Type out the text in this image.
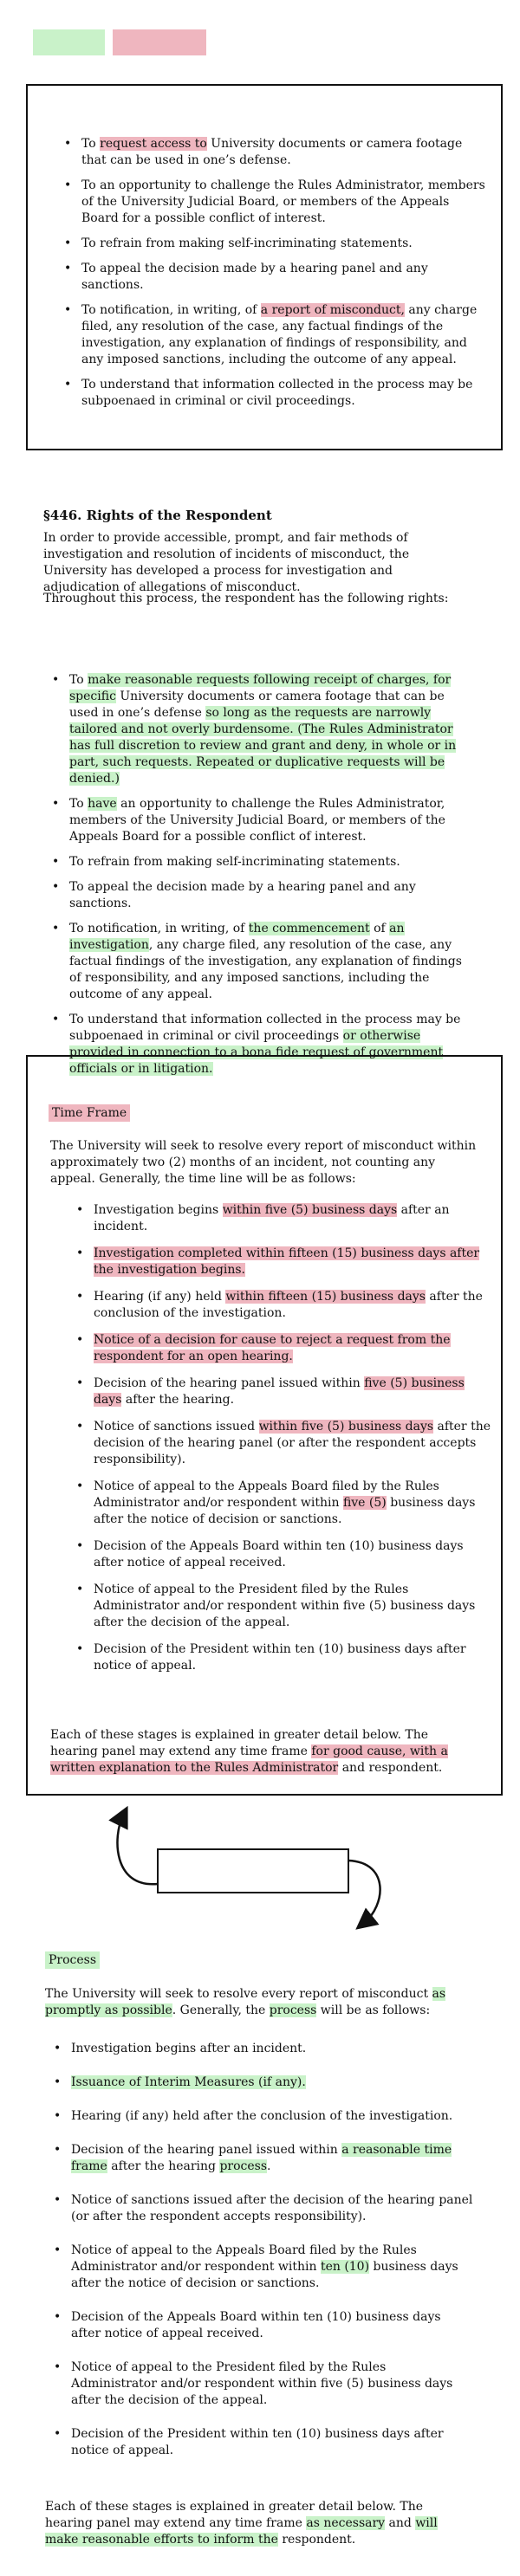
• To request access to University documents or camera footage that can be used in one’s defense.
• To an opportunity to challenge the Rules Administrator, members of the University Judicial Board, or members of the Appeals Board for a possible conflict of interest.
• To refrain from making self-incriminating statements.
• To appeal the decision made by a hearing panel and any sanctions.
• To notification, in writing, of a report of misconduct, any charge filed, any resolution of the case, any factual findings of the investigation, any explanation of findings of responsibility, and any imposed sanctions, including the outcome of any appeal.
• To understand that information collected in the process may be subpoenaed in criminal or civil proceedings.
§446. Rights of the Respondent

In order to provide accessible, prompt, and fair methods of investigation and resolution of incidents of misconduct, the University has developed a process for investigation and adjudication of allegations of misconduct.

Throughout this process, the respondent has the following rights:

• To make reasonable requests following receipt of charges, for specific University documents or camera footage that can be used in one’s defense so long as the requests are narrowly tailored and not overly burdensome. (The Rules Administrator has full discretion to review and grant and deny, in whole or in part, such requests. Repeated or duplicative requests will be denied.)
• To have an opportunity to challenge the Rules Administrator, members of the University Judicial Board, or members of the Appeals Board for a possible conflict of interest.
• To refrain from making self-incriminating statements.
• To appeal the decision made by a hearing panel and any sanctions.
• To notification, in writing, of the commencement of an investigation, any charge filed, any resolution of the case, any factual findings of the investigation, any explanation of findings of responsibility, and any imposed sanctions, including the outcome of any appeal.
• To understand that information collected in the process may be subpoenaed in criminal or civil proceedings or otherwise provided in connection to a bona fide request of government officials or in litigation.
Time Frame

The University will seek to resolve every report of misconduct within approximately two (2) months of an incident, not counting any appeal. Generally, the time line will be as follows:

• Investigation begins within five (5) business days after an incident.
• Investigation completed within fifteen (15) business days after the investigation begins.
• Hearing (if any) held within fifteen (15) business days after the conclusion of the investigation.
• Notice of a decision for cause to reject a request from the respondent for an open hearing.
• Decision of the hearing panel issued within five (5) business days after the hearing.
• Notice of sanctions issued within five (5) business days after the decision of the hearing panel (or after the respondent accepts responsibility).
• Notice of appeal to the Appeals Board filed by the Rules Administrator and/or respondent within five (5) business days after the notice of decision or sanctions.
• Decision of the Appeals Board within ten (10) business days after notice of appeal received.
• Notice of appeal to the President filed by the Rules Administrator and/or respondent within five (5) business days after the decision of the appeal.
• Decision of the President within ten (10) business days after notice of appeal.

Each of these stages is explained in greater detail below. The hearing panel may extend any time frame for good cause, with a written explanation to the Rules Administrator and respondent.

Process

The University will seek to resolve every report of misconduct as promptly as possible. Generally, the process will be as follows:

• Investigation begins after an incident.
• Issuance of Interim Measures (if any).
• Hearing (if any) held after the conclusion of the investigation.
• Decision of the hearing panel issued within a reasonable time frame after the hearing process.
• Notice of sanctions issued after the decision of the hearing panel (or after the respondent accepts responsibility).
• Notice of appeal to the Appeals Board filed by the Rules Administrator and/or respondent within ten (10) business days after the notice of decision or sanctions.
• Decision of the Appeals Board within ten (10) business days after notice of appeal received.
• Notice of appeal to the President filed by the Rules Administrator and/or respondent within five (5) business days after the decision of the appeal.
• Decision of the President within ten (10) business days after notice of appeal.

Each of these stages is explained in greater detail below. The hearing panel may extend any time frame as necessary and will make reasonable efforts to inform the respondent.
